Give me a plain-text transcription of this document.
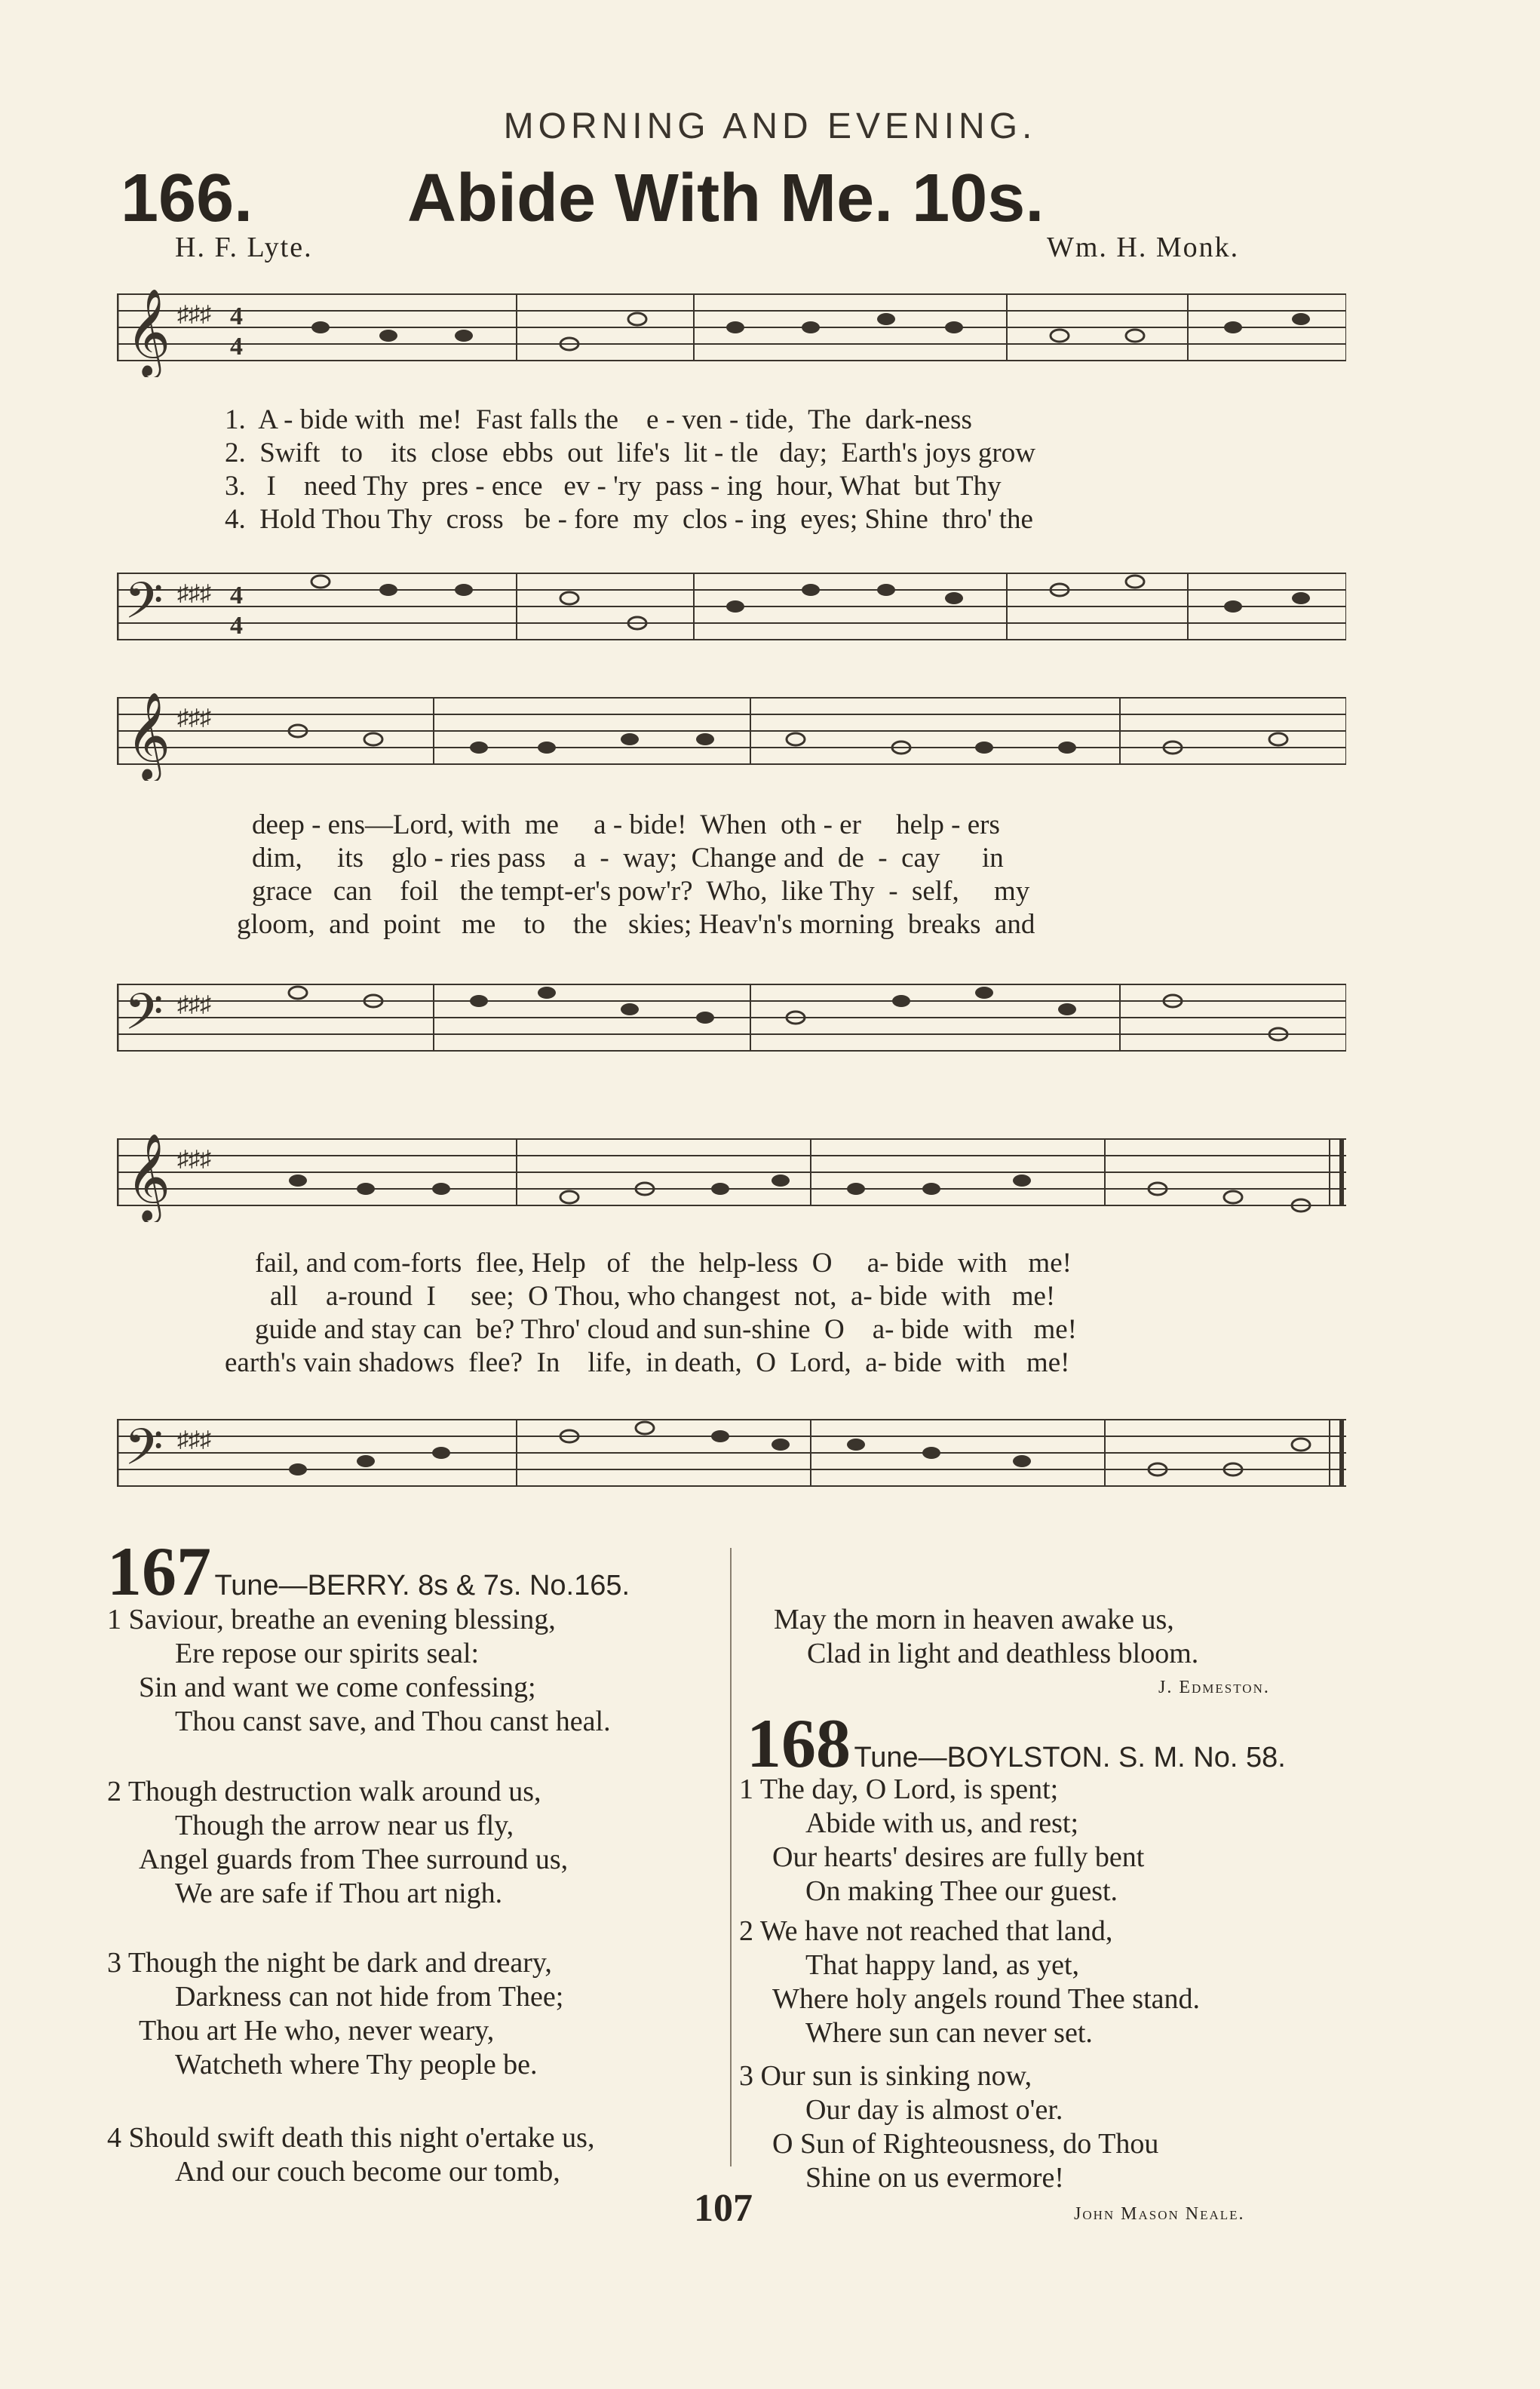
MORNING AND EVENING.
166. Abide With Me. 10s.
H. F. Lyte.	Wm. H. Monk.
𝄞 ♯♯♯ 4
4
1.  A - bide with  me!  Fast falls the    e - ven - tide,  The  dark-ness
2.  Swift   to    its  close  ebbs  out  life's  lit - tle   day;  Earth's joys grow
3.   I    need Thy  pres - ence   ev - 'ry  pass - ing  hour, What  but Thy
4.  Hold Thou Thy  cross   be - fore  my  clos - ing  eyes; Shine  thro' the
𝄢 ♯♯♯ 4
4
𝄞 ♯♯♯
deep - ens—Lord, with  me     a - bide!  When  oth - er     help - ers
dim,     its    glo - ries pass    a  -  way;  Change and  de  -  cay      in
grace   can    foil   the tempt-er's pow'r?  Who,  like Thy  -  self,     my
gloom,  and  point   me    to    the   skies; Heav'n's morning  breaks  and
𝄢 ♯♯♯
𝄞 ♯♯♯
fail, and com-forts  flee, Help   of   the  help-less  O     a- bide  with   me!
all    a-round  I     see;  O Thou, who changest  not,  a- bide  with   me!
guide and stay can  be? Thro' cloud and sun-shine  O    a- bide  with   me!
earth's vain shadows  flee?  In    life,  in death,  O  Lord,  a- bide  with   me!
𝄢 ♯♯♯
167 Tune—BERRY. 8s & 7s. No.165.
1 Saviour, breathe an evening blessing,
Ere repose our spirits seal:
Sin and want we come confessing;
Thou canst save, and Thou canst heal.
2 Though destruction walk around us,
Though the arrow near us fly,
Angel guards from Thee surround us,
We are safe if Thou art nigh.
3 Though the night be dark and dreary,
Darkness can not hide from Thee;
Thou art He who, never weary,
Watcheth where Thy people be.
4 Should swift death this night o'ertake us,
And our couch become our tomb,
May the morn in heaven awake us,
Clad in light and deathless bloom.
J. Edmeston.
168 Tune—BOYLSTON. S. M. No. 58.
1 The day, O Lord, is spent;
Abide with us, and rest;
Our hearts' desires are fully bent
On making Thee our guest.
2 We have not reached that land,
That happy land, as yet,
Where holy angels round Thee stand.
Where sun can never set.
3 Our sun is sinking now,
Our day is almost o'er.
O Sun of Righteousness, do Thou
Shine on us evermore!
107	John Mason Neale.
